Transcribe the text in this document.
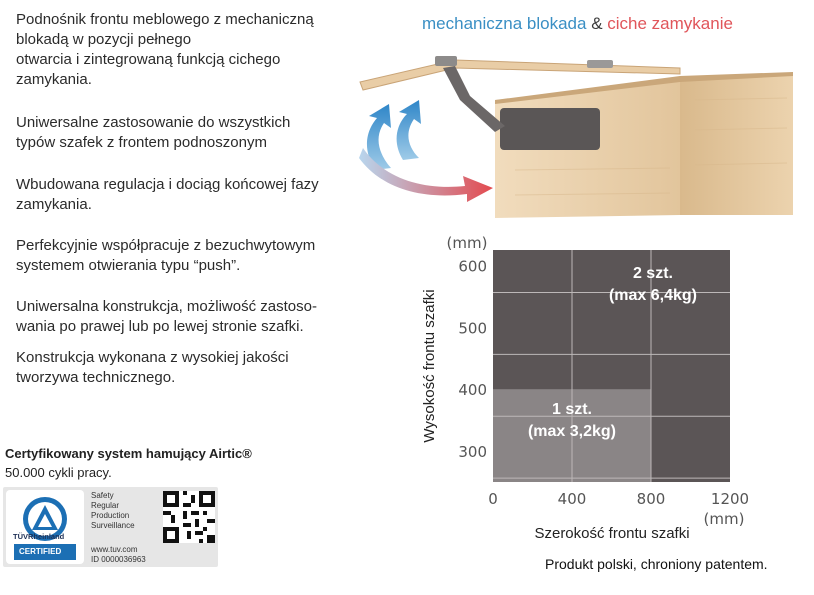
Podnośnik frontu meblowego z mechaniczną
blokadą w pozycji pełnego
otwarcia i zintegrowaną funkcją cichego
zamykania.
Uniwersalne zastosowanie do wszystkich
typów szafek z frontem podnoszonym
Wbudowana regulacja i dociąg końcowej fazy
zamykania.
Perfekcyjnie współpracuje z bezuchwytowym
systemem otwierania typu “push”.
Uniwersalna konstrukcja, możliwość zastoso-
wania po prawej lub po lewej stronie szafki.
Konstrukcja wykonana z wysokiej jakości
tworzywa technicznego.
mechaniczna blokada & ciche zamykanie
0	400	800	1200
300
400
500
600
(mm)
(mm)
Szerokość frontu szafki
Wysokość frontu szafki	1 szt.
(max 3,2kg)
2 szt.
(max 6,4kg)
Certyfikowany system hamujący Airtic®
50.000 cykli pracy.
TÜVRheinland
CERTIFIED
Safety
Regular
Production
Surveillance
www.tuv.com
ID 0000036963	Produkt polski, chroniony patentem.
